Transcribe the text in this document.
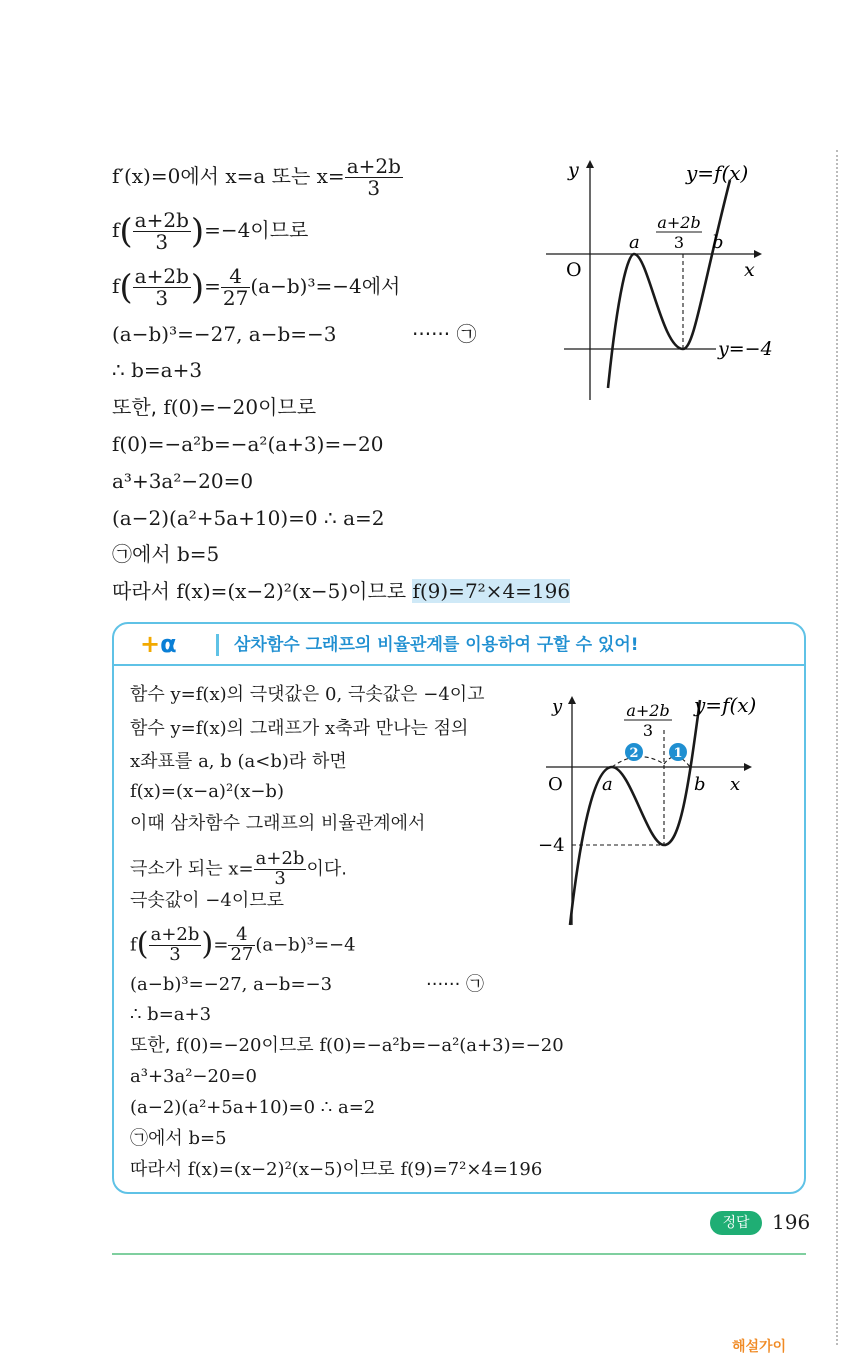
f′(x)=0에서 x=a 또는 $x= \frac{a+2b}{3}$
$f( \frac{a+2b}{3} )=-4$이므로
$f( \frac{a+2b}{3}$ )= $\frac{4}{27} (a-b)^3=-4$에서
(a−b)³=−27, a−b=−3	······ ㉠
∴ b=a+3
또한, f(0)=−20이므로
f(0)=−a²b=−a²(a+3)=−20
a³+3a²−20=0
(a−2)(a²+5a+10)=0 ∴ a=2
㉠에서 b=5
따라서 f(x)=(x−2)²(x−5)이므로 f(9)=7²×4=196
y
O	x
y=f(x)
a	b
a+2b
3
y=−4
+α	삼차함수 그래프의 비율관계를 이용하여 구할 수 있어!
함수 y=f(x)의 극댓값은 0, 극솟값은 −4이고
함수 y=f(x)의 그래프가 x축과 만나는 점의
x좌표를 a, b (a<b)라 하면
f(x)=(x−a)²(x−b)
이때 삼차함수 그래프의 비율관계에서
극소가 되는 $x= \frac{a+2b}{3}$ 이다.
극솟값이 −4이므로
$f( \frac{a+2b}{3}$ )= $\frac{4}{27} (a-b)^3=-4$
(a−b)³=−27, a−b=−3	······ ㉠
∴ b=a+3
또한, f(0)=−20이므로 f(0)=−a²b=−a²(a+3)=−20
a³+3a²−20=0
(a−2)(a²+5a+10)=0 ∴ a=2
㉠에서 b=5
따라서 f(x)=(x−2)²(x−5)이므로 f(9)=7²×4=196
2	1
y
O	x
y=f(x)
a	b
a+2b
3
−4
정답	196
해설가이
